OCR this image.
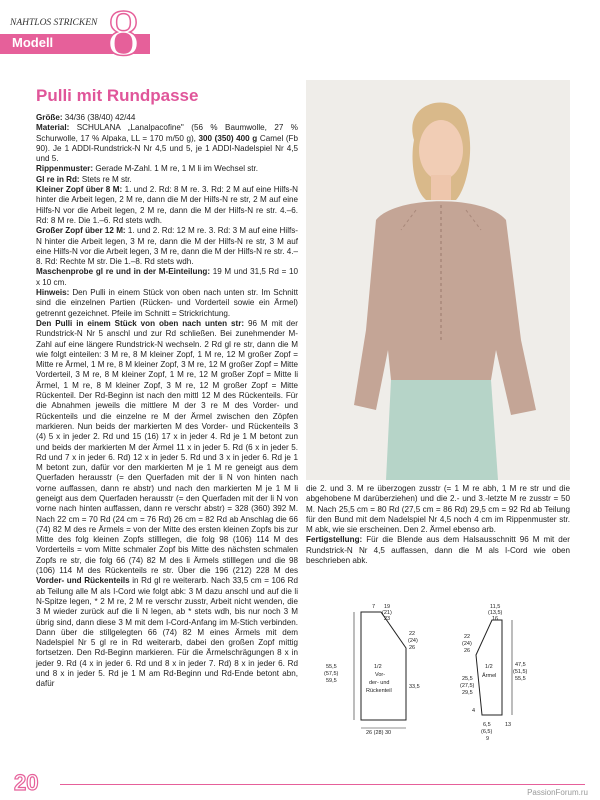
NAHTLOS STRICKEN
Modell 8
Pulli mit Rundpasse

Größe: 34/36 (38/40) 42/44

Material: SCHULANA „Lanalpacofine" (56 % Baumwolle, 27 % Schurwolle, 17 % Alpaka, LL = 170 m/50 g), 300 (350) 400 g Camel (Fb 90). Je 1 ADDI-Rundstrick-N Nr 4,5 und 5, je 1 ADDI-Nadelspiel Nr 4,5 und 5.

Rippenmuster: Gerade M-Zahl. 1 M re, 1 M li im Wechsel str.

Gl re in Rd: Stets re M str.

Kleiner Zopf über 8 M: 1. und 2. Rd: 8 M re. 3. Rd: 2 M auf eine Hilfs-N hinter die Arbeit legen, 2 M re, dann die M der Hilfs-N re str, 2 M auf eine Hilfs-N vor die Arbeit legen, 2 M re, dann die M der Hilfs-N re str. 4.–6. Rd: 8 M re. Die 1.–6. Rd stets wdh.

Großer Zopf über 12 M: 1. und 2. Rd: 12 M re. 3. Rd: 3 M auf eine Hilfs-N hinter die Arbeit legen, 3 M re, dann die M der Hilfs-N re str, 3 M auf eine Hilfs-N vor die Arbeit legen, 3 M re, dann die M der Hilfs-N re str. 4.–8. Rd: Rechte M str. Die 1.–8. Rd stets wdh.

Maschenprobe gl re und in der M-Einteilung: 19 M und 31,5 Rd = 10 x 10 cm.

Hinweis: Den Pulli in einem Stück von oben nach unten str. Im Schnitt sind die einzelnen Partien (Rücken- und Vorderteil sowie ein Ärmel) getrennt gezeichnet. Pfeile im Schnitt = Strickrichtung.

Den Pulli in einem Stück von oben nach unten str: 96 M mit der Rundstrick-N Nr 5 anschl und zur Rd schließen. Bei zunehmender M-Zahl auf eine längere Rundstrick-N wechseln. 2 Rd gl re str, dann die M wie folgt einteilen: 3 M re, 8 M kleiner Zopf, 1 M re, 12 M großer Zopf = Mitte re Ärmel, 1 M re, 8 M kleiner Zopf, 3 M re, 12 M großer Zopf = Mitte Vorderteil, 3 M re, 8 M kleiner Zopf, 1 M re, 12 M großer Zopf = Mitte li Ärmel, 1 M re, 8 M kleiner Zopf, 3 M re, 12 M großer Zopf = Mitte Rückenteil. Der Rd-Beginn ist nach den mittl 12 M des Rückenteils. Für die Abnahmen jeweils die mittlere M der 3 re M des Vorder- und Rückenteils und die einzelne re M der Ärmel zwischen den Zöpfen markieren. Nun beids der markierten M des Vorder- und Rückenteils 3 (4) 5 x in jeder 2. Rd und 15 (16) 17 x in jeder 4. Rd je 1 M betont zun und beids der markierten M der Ärmel 11 x in jeder 5. Rd (6 x in jeder 5. Rd und 7 x in jeder 6. Rd) 12 x in jeder 5. Rd und 3 x in jeder 6. Rd je 1 M betont zun, dafür vor den markierten M je 1 M re geneigt aus dem Querfaden herausstr (= den Querfaden mit der li N von hinten nach vorne auffassen, dann re abstr) und nach den markierten M je 1 M li geneigt aus dem Querfaden herausstr (= den Querfaden mit der li N von vorne nach hinten auffassen, dann re verschr abstr) = 328 (360) 392 M. Nach 22 cm = 70 Rd (24 cm = 76 Rd) 26 cm = 82 Rd ab Anschlag die 66 (74) 82 M des re Ärmels = von der Mitte des ersten kleinen Zopfs bis zur Mitte des folg kleinen Zopfs stilllegen, die folg 98 (106) 114 M des Vorderteils = vom Mitte schmaler Zopf bis Mitte des nächsten schmalen Zopfs re str, die folg 66 (74) 82 M des li Ärmels stilllegen und die 98 (106) 114 M des Rückenteils re str. Über die 196 (212) 228 M des Vorder- und Rückenteils in Rd gl re weiterarb. Nach 33,5 cm = 106 Rd ab Teilung alle M als I-Cord wie folgt abk: 3 M dazu anschl und auf die li N-Spitze legen, * 2 M re, 2 M re verschr zusstr, Arbeit nicht wenden, die 3 M wieder zurück auf die li N legen, ab * stets wdh, bis nur noch 3 M übrig sind, dann diese 3 M mit dem I-Cord-Anfang im M-Stich verbinden. Dann über die stillgelegten 66 (74) 82 M eines Ärmels mit dem Nadelspiel Nr 5 gl re in Rd weiterarb, dabei den großen Zopf mittig fortsetzen. Den Rd-Beginn markieren. Für die Ärmelschrägungen 8 x in jeder 9. Rd (4 x in jeder 6. Rd und 8 x in jeder 7. Rd) 8 x in jeder 6. Rd und 8 x in jeder 5. Rd je 1 M am Rd-Beginn und Rd-Ende betont abn, dafür

die 2. und 3. M re überzogen zusstr (= 1 M re abh, 1 M re str und die abgehobene M darüberziehen) und die 2.- und 3.-letzte M re zusstr = 50 M. Nach 25,5 cm = 80 Rd (27,5 cm = 86 Rd) 29,5 cm = 92 Rd ab Teilung für den Bund mit dem Nadelspiel Nr 4,5 noch 4 cm im Rippenmuster str. M abk, wie sie erscheinen. Den 2. Ärmel ebenso arb.

Fertigstellung: Für die Blende aus dem Halsausschnitt 96 M mit der Rundstrick-N Nr 4,5 auffassen, dann die M als I-Cord wie oben beschrieben abk.

7 19
(21)
23
55,5
(57,5)
59,5
22
(24)
26
33,5
26 (28) 30
1/2
Vor-
der- und
Rückenteil
11,5
(13,5)
16
22
(24)
26
25,5
(27,5)
29,5
47,5
(51,5)
55,5
4
6,5
(6,5)
9
13
1/2
Ärmel
20	PassionForum.ru
